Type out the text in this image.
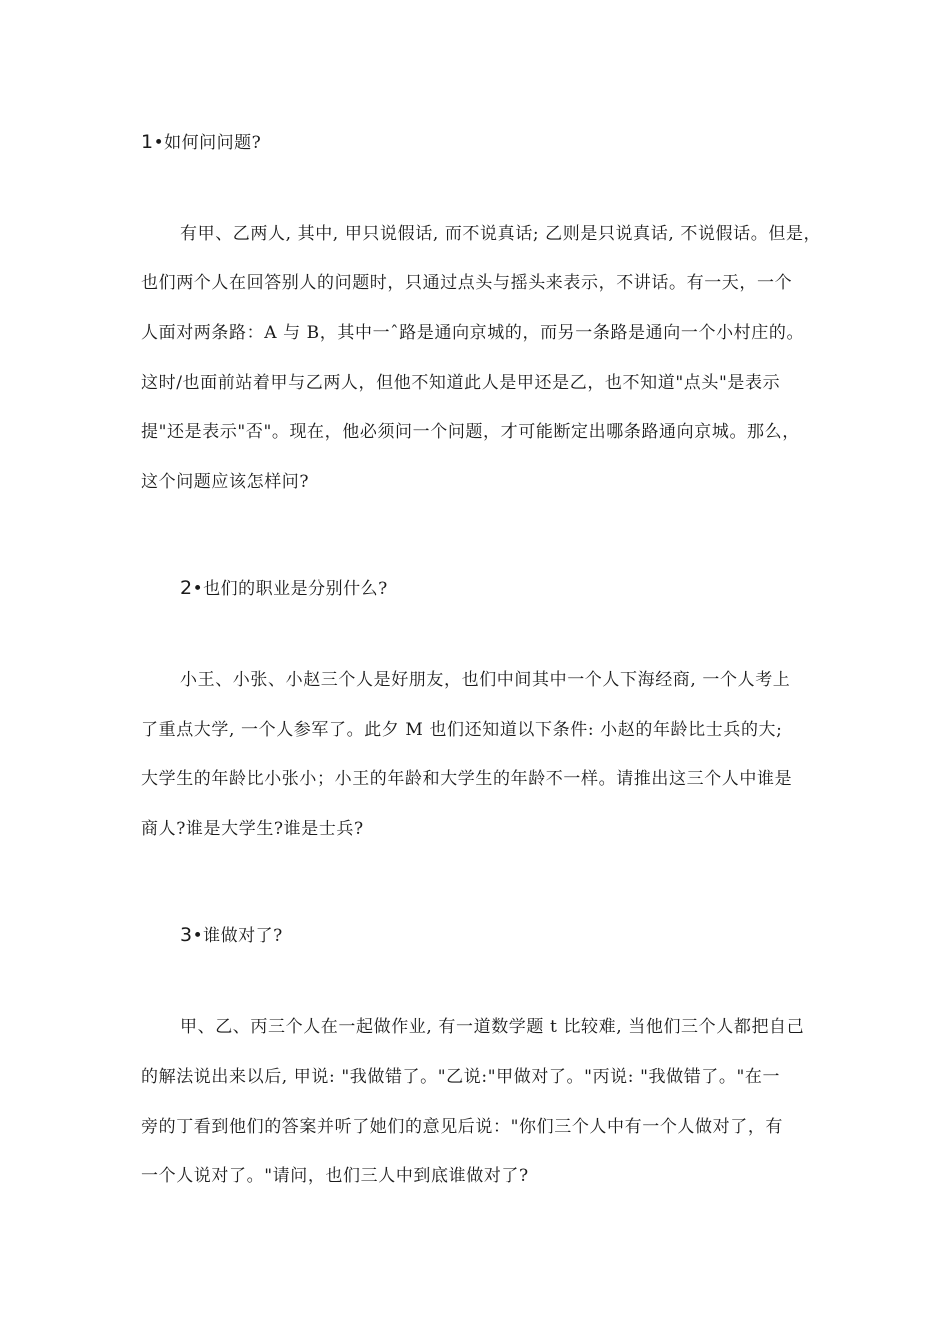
1•如何问问题?
有甲、乙两人, 其中, 甲只说假话, 而不说真话; 乙则是只说真话, 不说假话。但是，
也们两个人在回答别人的问题时，只通过点头与摇头来表示，不讲话。有一天，一个
人面对两条路：A 与 B，其中一ˆ路是通向京城的，而另一条路是通向一个小村庄的。
这时/也面前站着甲与乙两人，但他不知道此人是甲还是乙，也不知道"点头"是表示
提"还是表示"否"。现在，他必须问一个问题，才可能断定出哪条路通向京城。那么，
这个问题应该怎样问?
2•也们的职业是分别什么?
小王、小张、小赵三个人是好朋友，也们中间其中一个人下海经商, 一个人考上
了重点大学, 一个人参军了。此夕 M 也们还知道以下条件: 小赵的年龄比士兵的大;
大学生的年龄比小张小；小王的年龄和大学生的年龄不一样。请推出这三个人中谁是
商人?谁是大学生?谁是士兵?
3•谁做对了?
甲、乙、丙三个人在一起做作业, 有一道数学题 t 比较难, 当他们三个人都把自己
的解法说出来以后, 甲说: "我做错了。"乙说:"甲做对了。"丙说: "我做错了。"在一
旁的丁看到他们的答案并听了她们的意见后说："你们三个人中有一个人做对了，有
一个人说对了。"请问，也们三人中到底谁做对了?
